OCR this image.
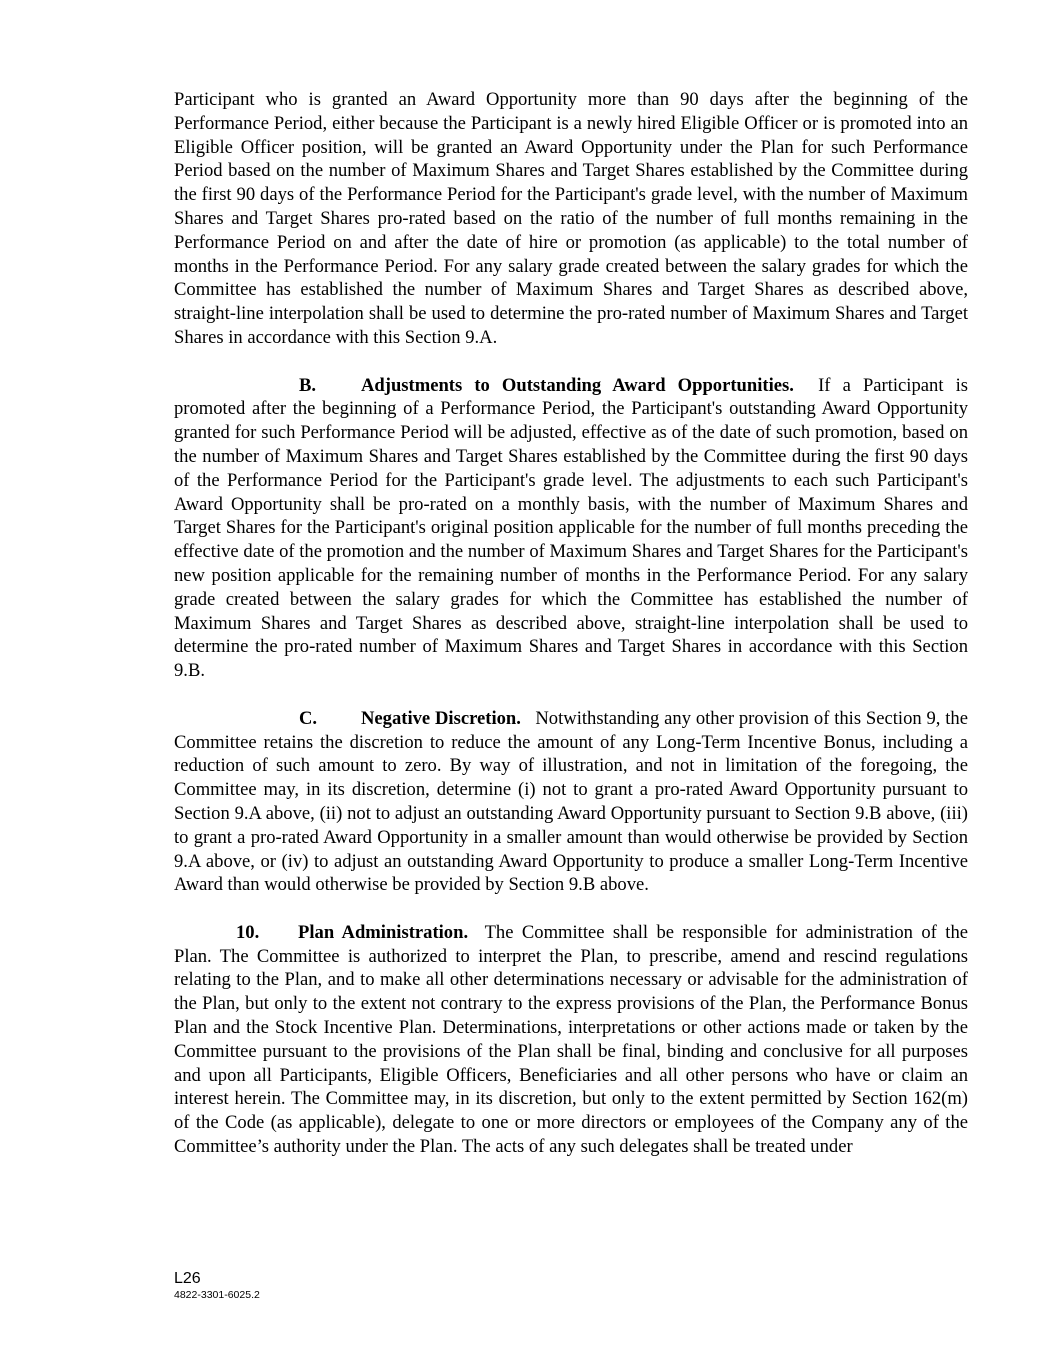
Participant who is granted an Award Opportunity more than 90 days after the beginning of the Performance Period, either because the Participant is a newly hired Eligible Officer or is promoted into an Eligible Officer position, will be granted an Award Opportunity under the Plan for such Performance Period based on the number of Maximum Shares and Target Shares established by the Committee during the first 90 days of the Performance Period for the Participant's grade level, with the number of Maximum Shares and Target Shares pro-rated based on the ratio of the number of full months remaining in the Performance Period on and after the date of hire or promotion (as applicable) to the total number of months in the Performance Period. For any salary grade created between the salary grades for which the Committee has established the number of Maximum Shares and Target Shares as described above, straight-line interpolation shall be used to determine the pro-rated number of Maximum Shares and Target Shares in accordance with this Section 9.A.

B. Adjustments to Outstanding Award Opportunities. If a Participant is promoted after the beginning of a Performance Period, the Participant's outstanding Award Opportunity granted for such Performance Period will be adjusted, effective as of the date of such promotion, based on the number of Maximum Shares and Target Shares established by the Committee during the first 90 days of the Performance Period for the Participant's grade level. The adjustments to each such Participant's Award Opportunity shall be pro-rated on a monthly basis, with the number of Maximum Shares and Target Shares for the Participant's original position applicable for the number of full months preceding the effective date of the promotion and the number of Maximum Shares and Target Shares for the Participant's new position applicable for the remaining number of months in the Performance Period. For any salary grade created between the salary grades for which the Committee has established the number of Maximum Shares and Target Shares as described above, straight-line interpolation shall be used to determine the pro-rated number of Maximum Shares and Target Shares in accordance with this Section 9.B.

C. Negative Discretion. Notwithstanding any other provision of this Section 9, the Committee retains the discretion to reduce the amount of any Long-Term Incentive Bonus, including a reduction of such amount to zero. By way of illustration, and not in limitation of the foregoing, the Committee may, in its discretion, determine (i) not to grant a pro-rated Award Opportunity pursuant to Section 9.A above, (ii) not to adjust an outstanding Award Opportunity pursuant to Section 9.B above, (iii) to grant a pro-rated Award Opportunity in a smaller amount than would otherwise be provided by Section 9.A above, or (iv) to adjust an outstanding Award Opportunity to produce a smaller Long-Term Incentive Award than would otherwise be provided by Section 9.B above.

10. Plan Administration. The Committee shall be responsible for administration of the Plan. The Committee is authorized to interpret the Plan, to prescribe, amend and rescind regulations relating to the Plan, and to make all other determinations necessary or advisable for the administration of the Plan, but only to the extent not contrary to the express provisions of the Plan, the Performance Bonus Plan and the Stock Incentive Plan. Determinations, interpretations or other actions made or taken by the Committee pursuant to the provisions of the Plan shall be final, binding and conclusive for all purposes and upon all Participants, Eligible Officers, Beneficiaries and all other persons who have or claim an interest herein. The Committee may, in its discretion, but only to the extent permitted by Section 162(m) of the Code (as applicable), delegate to one or more directors or employees of the Company any of the Committee’s authority under the Plan. The acts of any such delegates shall be treated under

L26
4822-3301-6025.2
